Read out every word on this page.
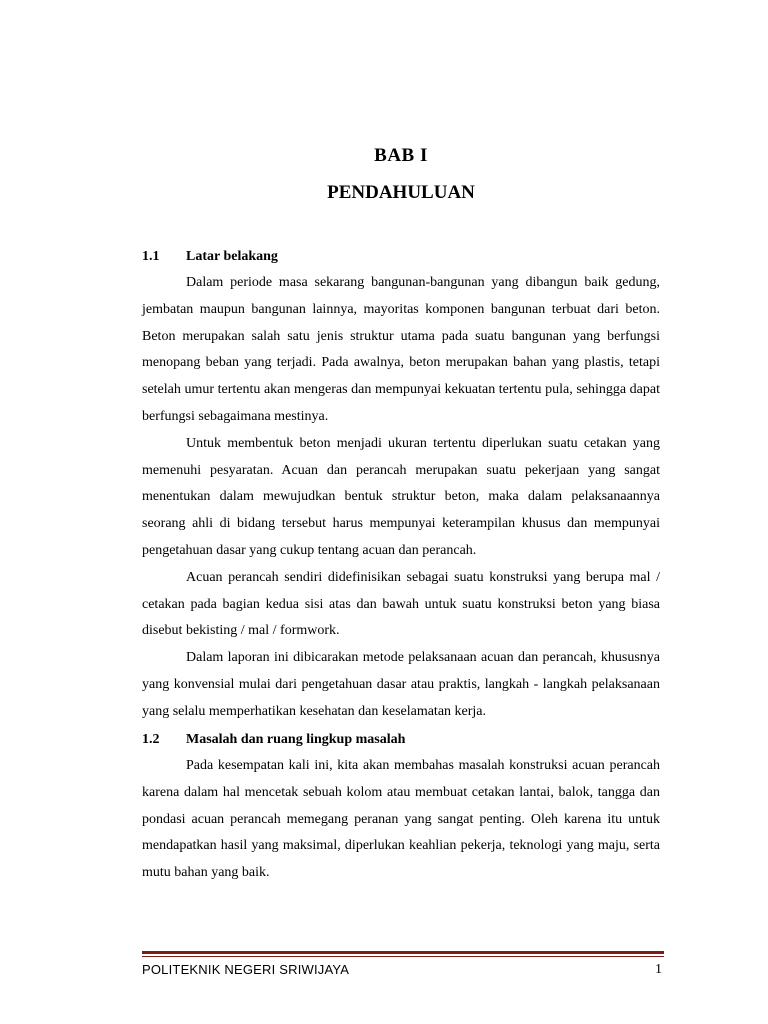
BAB I
PENDAHULUAN
1.1 Latar belakang

Dalam periode masa sekarang bangunan-bangunan yang dibangun baik gedung, jembatan maupun bangunan lainnya, mayoritas komponen bangunan terbuat dari beton. Beton merupakan salah satu jenis struktur utama pada suatu bangunan yang berfungsi menopang beban yang terjadi. Pada awalnya, beton merupakan bahan yang plastis, tetapi setelah umur tertentu akan mengeras dan mempunyai kekuatan tertentu pula, sehingga dapat berfungsi sebagaimana mestinya.

Untuk membentuk beton menjadi ukuran tertentu diperlukan suatu cetakan yang memenuhi pesyaratan. Acuan dan perancah merupakan suatu pekerjaan yang sangat menentukan dalam mewujudkan bentuk struktur beton, maka dalam pelaksanaannya seorang ahli di bidang tersebut harus mempunyai keterampilan khusus dan mempunyai pengetahuan dasar yang cukup tentang acuan dan perancah.

Acuan perancah sendiri didefinisikan sebagai suatu konstruksi yang berupa mal / cetakan pada bagian kedua sisi atas dan bawah untuk suatu konstruksi beton yang biasa disebut bekisting / mal / formwork.

Dalam laporan ini dibicarakan metode pelaksanaan acuan dan perancah, khususnya yang konvensial mulai dari pengetahuan dasar atau praktis, langkah - langkah pelaksanaan yang selalu memperhatikan kesehatan dan keselamatan kerja.

1.2 Masalah dan ruang lingkup masalah

Pada kesempatan kali ini, kita akan membahas masalah konstruksi acuan perancah karena dalam hal mencetak sebuah kolom atau membuat cetakan lantai, balok, tangga dan pondasi acuan perancah memegang peranan yang sangat penting. Oleh karena itu untuk mendapatkan hasil yang maksimal, diperlukan keahlian pekerja, teknologi yang maju, serta mutu bahan yang baik.

POLITEKNIK NEGERI SRIWIJAYA	1
